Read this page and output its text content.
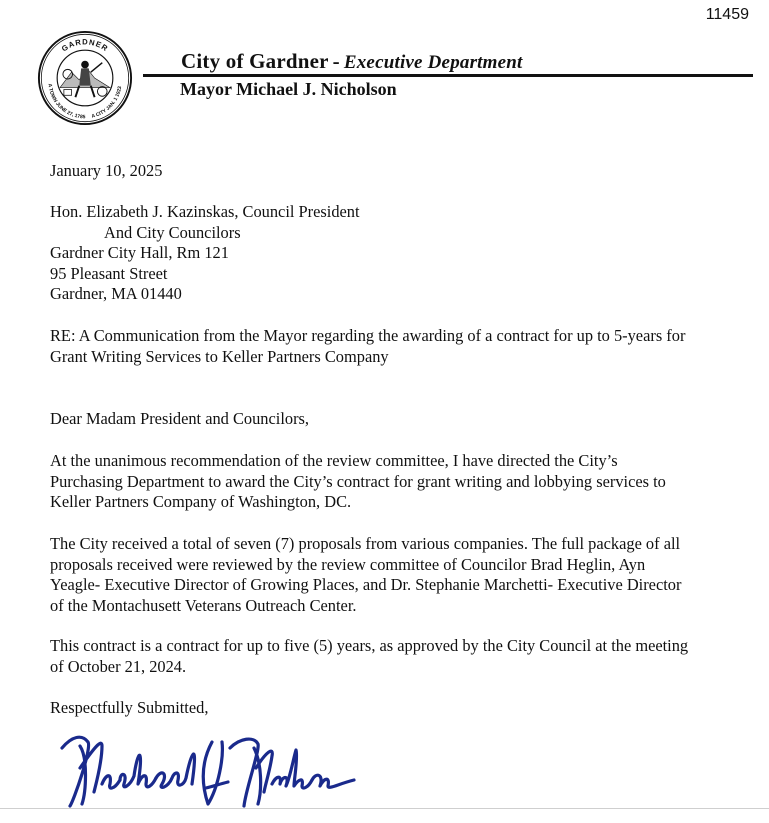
11459
GARDNER
A TOWN JUNE 27, 1785 A CITY JAN. 1 1923
City of Gardner - Executive Department
Mayor Michael J. Nicholson

January 10, 2025

Hon. Elizabeth J. Kazinskas, Council President

And City Councilors

Gardner City Hall, Rm 121

95 Pleasant Street

Gardner, MA 01440

RE: A Communication from the Mayor regarding the awarding of a contract for up to 5-years for

Grant Writing Services to Keller Partners Company

Dear Madam President and Councilors,

At the unanimous recommendation of the review committee, I have directed the City’s

Purchasing Department to award the City’s contract for grant writing and lobbying services to

Keller Partners Company of Washington, DC.

The City received a total of seven (7) proposals from various companies. The full package of all

proposals received were reviewed by the review committee of Councilor Brad Heglin, Ayn

Yeagle- Executive Director of Growing Places, and Dr. Stephanie Marchetti- Executive Director

of the Montachusett Veterans Outreach Center.

This contract is a contract for up to five (5) years, as approved by the City Council at the meeting

of October 21, 2024.

Respectfully Submitted,
